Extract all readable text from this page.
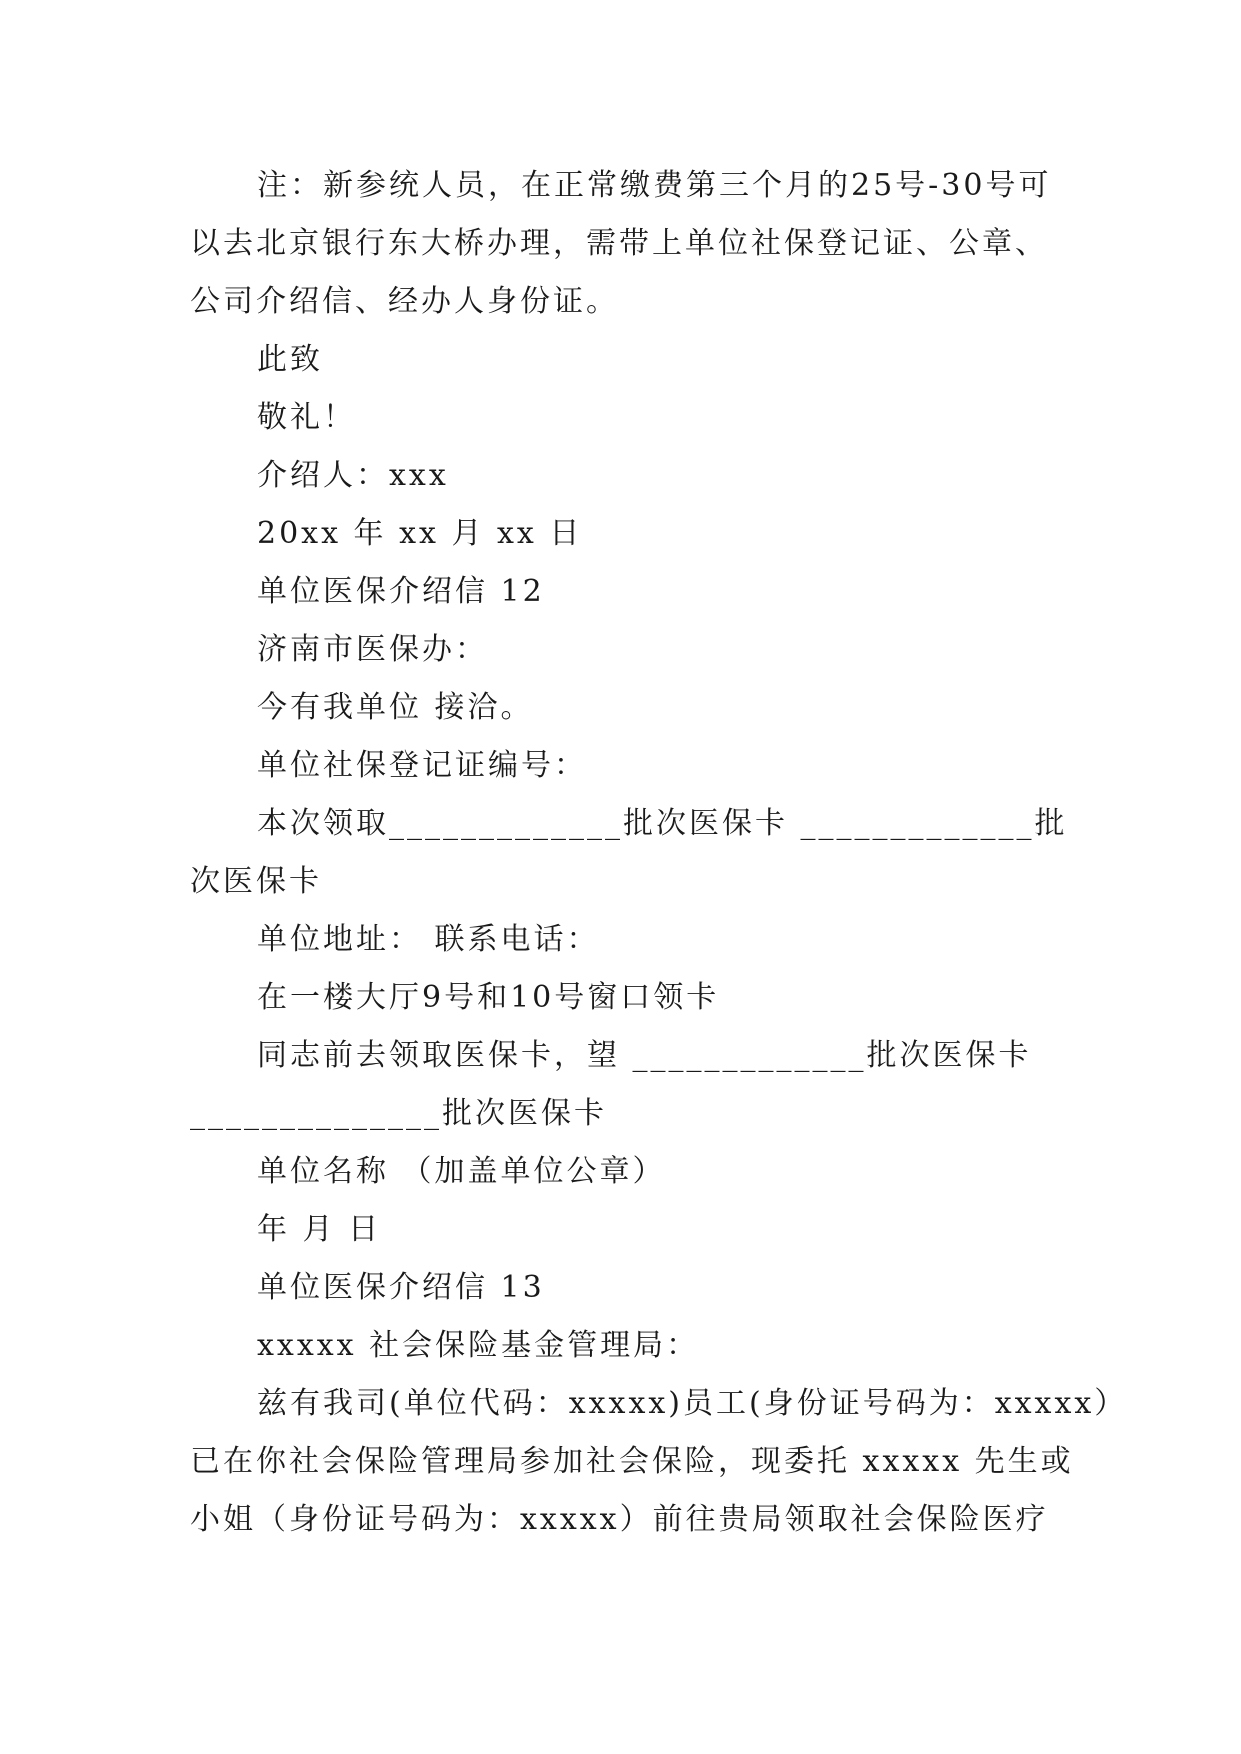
注：新参统人员，在正常缴费第三个月的25号-30号可
以去北京银行东大桥办理，需带上单位社保登记证、公章、
公司介绍信、经办人身份证。
此致
敬礼！
介绍人：xxx
20xx 年 xx 月 xx 日
单位医保介绍信 12
济南市医保办：
今有我单位 接洽。
单位社保登记证编号：
本次领取_____________批次医保卡 _____________批
次医保卡
单位地址： 联系电话：
在一楼大厅9号和10号窗口领卡
同志前去领取医保卡，望 _____________批次医保卡
______________批次医保卡
单位名称 （加盖单位公章）
年 月 日
单位医保介绍信 13
xxxxx 社会保险基金管理局：
兹有我司(单位代码：xxxxx)员工(身份证号码为：xxxxx）
已在你社会保险管理局参加社会保险，现委托 xxxxx 先生或
小姐（身份证号码为：xxxxx）前往贵局领取社会保险医疗
